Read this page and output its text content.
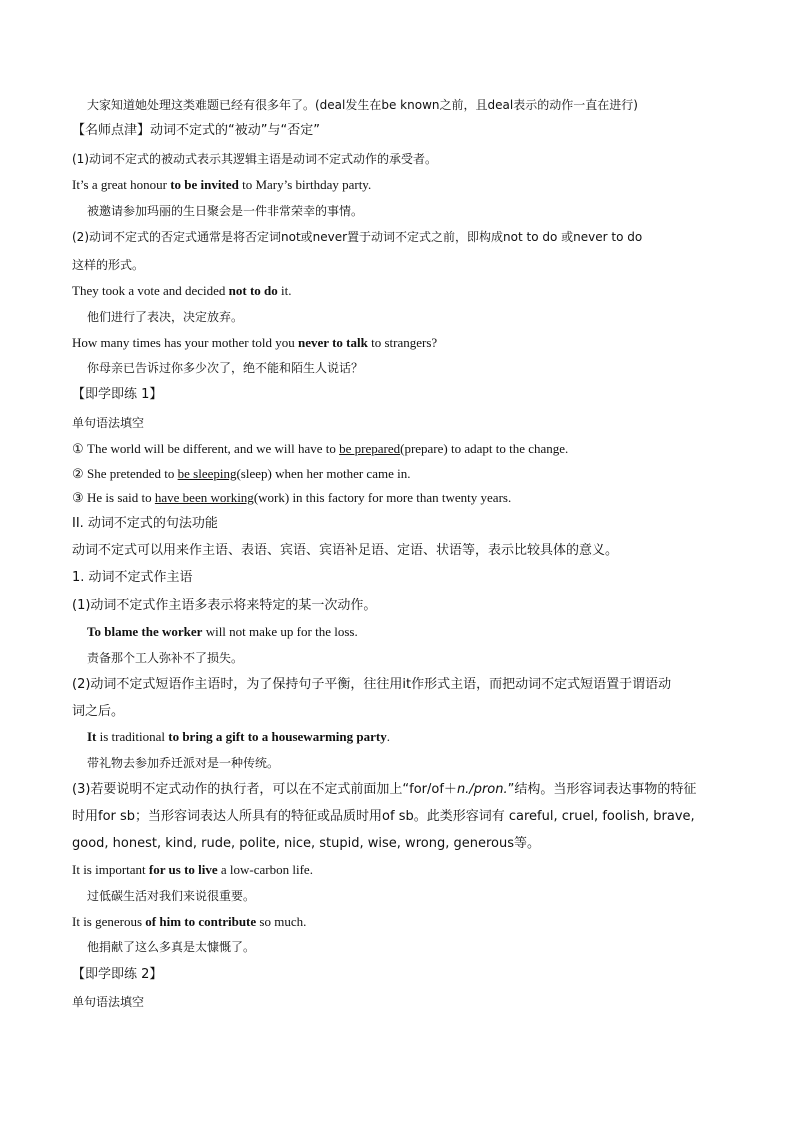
大家知道她处理这类难题已经有很多年了。(deal发生在be known之前，且deal表示的动作一直在进行)
【名师点津】动词不定式的“被动”与“否定”
(1)动词不定式的被动式表示其逻辑主语是动词不定式动作的承受者。
It’s a great honour to be invited to Mary’s birthday party.
被邀请参加玛丽的生日聚会是一件非常荣幸的事情。
(2)动词不定式的否定式通常是将否定词not或never置于动词不定式之前，即构成not to do 或never to do
这样的形式。
They took a vote and decided not to do it.
他们进行了表决，决定放弃。
How many times has your mother told you never to talk to strangers?
你母亲已告诉过你多少次了，绝不能和陌生人说话？
【即学即练 1】
单句语法填空
① The world will be different, and we will have to be prepared(prepare) to adapt to the change.
② She pretended to be sleeping(sleep) when her mother came in.
③ He is said to have been working(work) in this factory for more than twenty years.
II. 动词不定式的句法功能
动词不定式可以用来作主语、表语、宾语、宾语补足语、定语、状语等，表示比较具体的意义。
1. 动词不定式作主语
(1)动词不定式作主语多表示将来特定的某一次动作。
To blame the worker will not make up for the loss.
责备那个工人弥补不了损失。
(2)动词不定式短语作主语时，为了保持句子平衡，往往用it作形式主语，而把动词不定式短语置于谓语动
词之后。
It is traditional to bring a gift to a housewarming party.
带礼物去参加乔迁派对是一种传统。
(3)若要说明不定式动作的执行者，可以在不定式前面加上“for/of＋n./pron.”结构。当形容词表达事物的特征
时用for sb；当形容词表达人所具有的特征或品质时用of sb。此类形容词有 careful, cruel, foolish, brave,
good, honest, kind, rude, polite, nice, stupid, wise, wrong, generous等。
It is important for us to live a low-carbon life.
过低碳生活对我们来说很重要。
It is generous of him to contribute so much.
他捐献了这么多真是太慷慨了。
【即学即练 2】
单句语法填空
